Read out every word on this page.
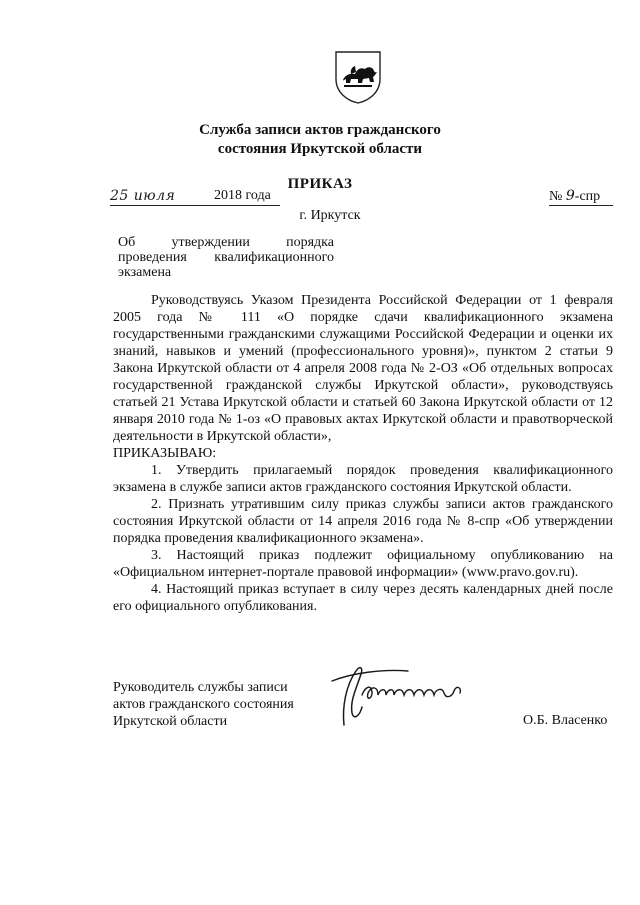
Служба записи актов гражданского
состояния Иркутской области
ПРИКАЗ
25 июля	2018 года	№ 9-спр
г. Иркутск
Об утверждении порядка
проведения квалификационного
экзамена

Руководствуясь Указом Президента Российской Федерации от 1 февраля 2005 года № 111 «О порядке сдачи квалификационного экзамена государственными гражданскими служащими Российской Федерации и оценки их знаний, навыков и умений (профессионального уровня)», пунктом 2 статьи 9 Закона Иркутской области от 4 апреля 2008 года № 2-ОЗ «Об отдельных вопросах государственной гражданской службы Иркутской области», руководствуясь статьей 21 Устава Иркутской области и статьей 60 Закона Иркутской области от 12 января 2010 года № 1-оз «О правовых актах Иркутской области и правотворческой деятельности в Иркутской области»,

ПРИКАЗЫВАЮ:

1. Утвердить прилагаемый порядок проведения квалификационного экзамена в службе записи актов гражданского состояния Иркутской области.

2. Признать утратившим силу приказ службы записи актов гражданского состояния Иркутской области от 14 апреля 2016 года № 8-спр «Об утверждении порядка проведения квалификационного экзамена».

3. Настоящий приказ подлежит официальному опубликованию на «Официальном интернет-портале правовой информации» (www.pravo.gov.ru).

4. Настоящий приказ вступает в силу через десять календарных дней после его официального опубликования.

Руководитель службы записи
актов гражданского состояния
Иркутской области	О.Б. Власенко
